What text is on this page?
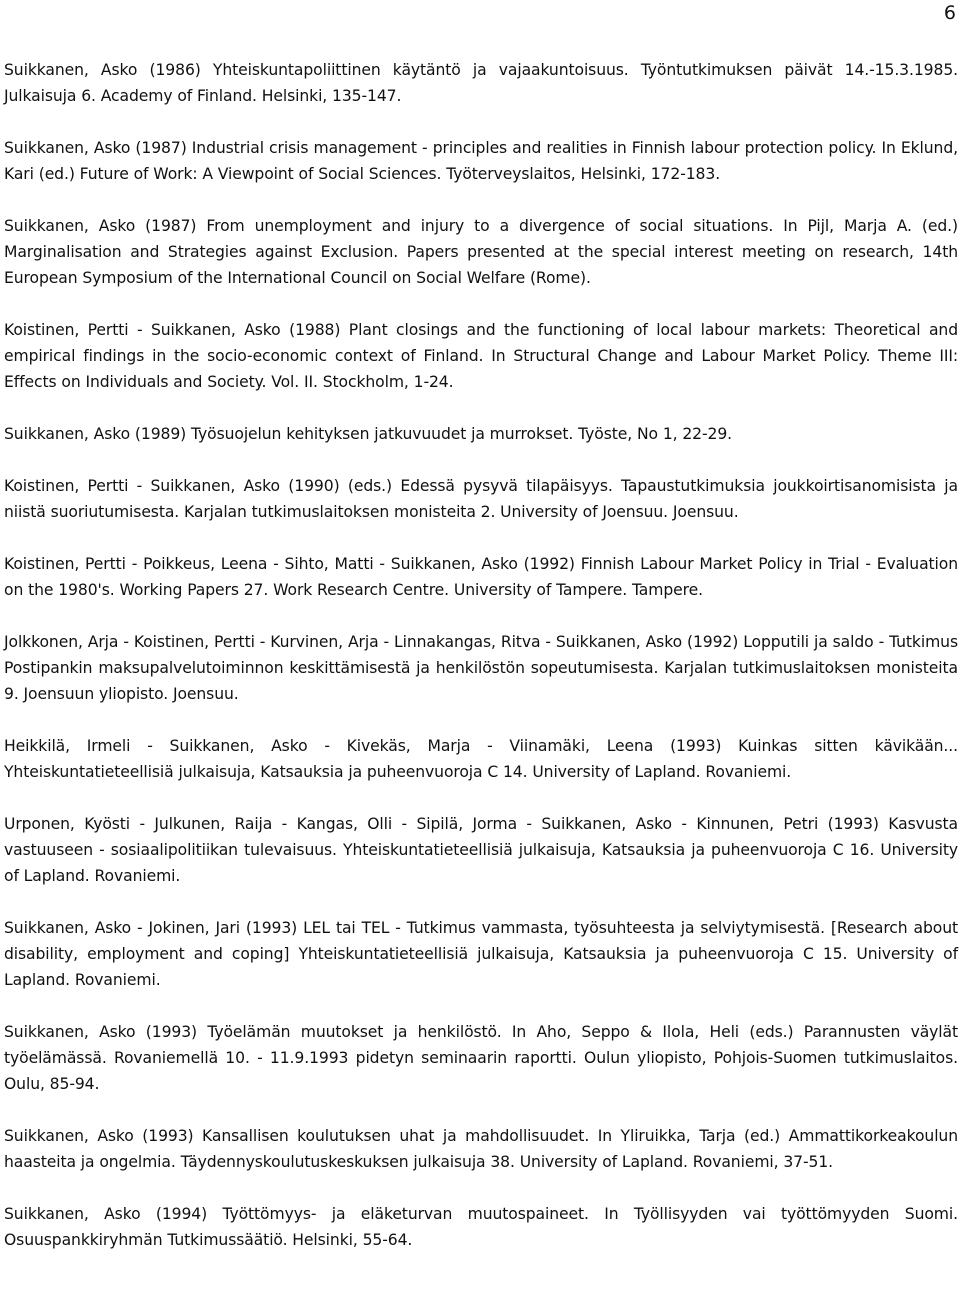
6

Suikkanen, Asko (1986) Yhteiskuntapoliittinen käytäntö ja vajaakuntoisuus. Työntutkimuksen päivät 14.-15.3.1985. Julkaisuja 6. Academy of Finland. Helsinki, 135-147.

Suikkanen, Asko (1987) Industrial crisis management - principles and realities in Finnish labour protection policy. In Eklund, Kari (ed.) Future of Work: A Viewpoint of Social Sciences. Työterveyslaitos, Helsinki, 172-183.

Suikkanen, Asko (1987) From unemployment and injury to a divergence of social situations. In Pijl, Marja A. (ed.) Marginalisation and Strategies against Exclusion. Papers presented at the special interest meeting on research, 14th European Symposium of the International Council on Social Welfare (Rome).

Koistinen, Pertti - Suikkanen, Asko (1988) Plant closings and the functioning of local labour markets: Theoretical and empirical findings in the socio-economic context of Finland. In Structural Change and Labour Market Policy. Theme III: Effects on Individuals and Society. Vol. II. Stockholm, 1-24.

Suikkanen, Asko (1989) Työsuojelun kehityksen jatkuvuudet ja murrokset. Työste, No 1, 22-29.

Koistinen, Pertti - Suikkanen, Asko (1990) (eds.) Edessä pysyvä tilapäisyys. Tapaustutkimuksia joukkoirtisanomisista ja niistä suoriutumisesta. Karjalan tutkimuslaitoksen monisteita 2. University of Joensuu. Joensuu.

Koistinen, Pertti - Poikkeus, Leena - Sihto, Matti - Suikkanen, Asko (1992) Finnish Labour Market Policy in Trial - Evaluation on the 1980's. Working Papers 27. Work Research Centre. University of Tampere. Tampere.

Jolkkonen, Arja - Koistinen, Pertti - Kurvinen, Arja - Linnakangas, Ritva - Suikkanen, Asko (1992) Lopputili ja saldo - Tutkimus Postipankin maksupalvelutoiminnon keskittämisestä ja henkilöstön sopeutumisesta. Karjalan tutkimuslaitoksen monisteita 9. Joensuun yliopisto. Joensuu.

Heikkilä, Irmeli - Suikkanen, Asko - Kivekäs, Marja - Viinamäki, Leena (1993) Kuinkas sitten kävikään... Yhteiskuntatieteellisiä julkaisuja, Katsauksia ja puheenvuoroja C 14. University of Lapland. Rovaniemi.

Urponen, Kyösti - Julkunen, Raija - Kangas, Olli - Sipilä, Jorma - Suikkanen, Asko - Kinnunen, Petri (1993) Kasvusta vastuuseen - sosiaalipolitiikan tulevaisuus. Yhteiskuntatieteellisiä julkaisuja, Katsauksia ja puheenvuoroja C 16. University of Lapland. Rovaniemi.

Suikkanen, Asko - Jokinen, Jari (1993) LEL tai TEL - Tutkimus vammasta, työsuhteesta ja selviytymisestä. [Research about disability, employment and coping] Yhteiskuntatieteellisiä julkaisuja, Katsauksia ja puheenvuoroja C 15. University of Lapland. Rovaniemi.

Suikkanen, Asko (1993) Työelämän muutokset ja henkilöstö. In Aho, Seppo & Ilola, Heli (eds.) Parannusten väylät työelämässä. Rovaniemellä 10. - 11.9.1993 pidetyn seminaarin raportti. Oulun yliopisto, Pohjois-Suomen tutkimuslaitos. Oulu, 85-94.

Suikkanen, Asko (1993) Kansallisen koulutuksen uhat ja mahdollisuudet. In Yliruikka, Tarja (ed.) Ammattikorkeakoulun haasteita ja ongelmia. Täydennyskoulutuskeskuksen julkaisuja 38. University of Lapland. Rovaniemi, 37-51.

Suikkanen, Asko (1994) Työttömyys- ja eläketurvan muutospaineet. In Työllisyyden vai työttömyyden Suomi. Osuuspankkiryhmän Tutkimussäätiö. Helsinki, 55-64.
